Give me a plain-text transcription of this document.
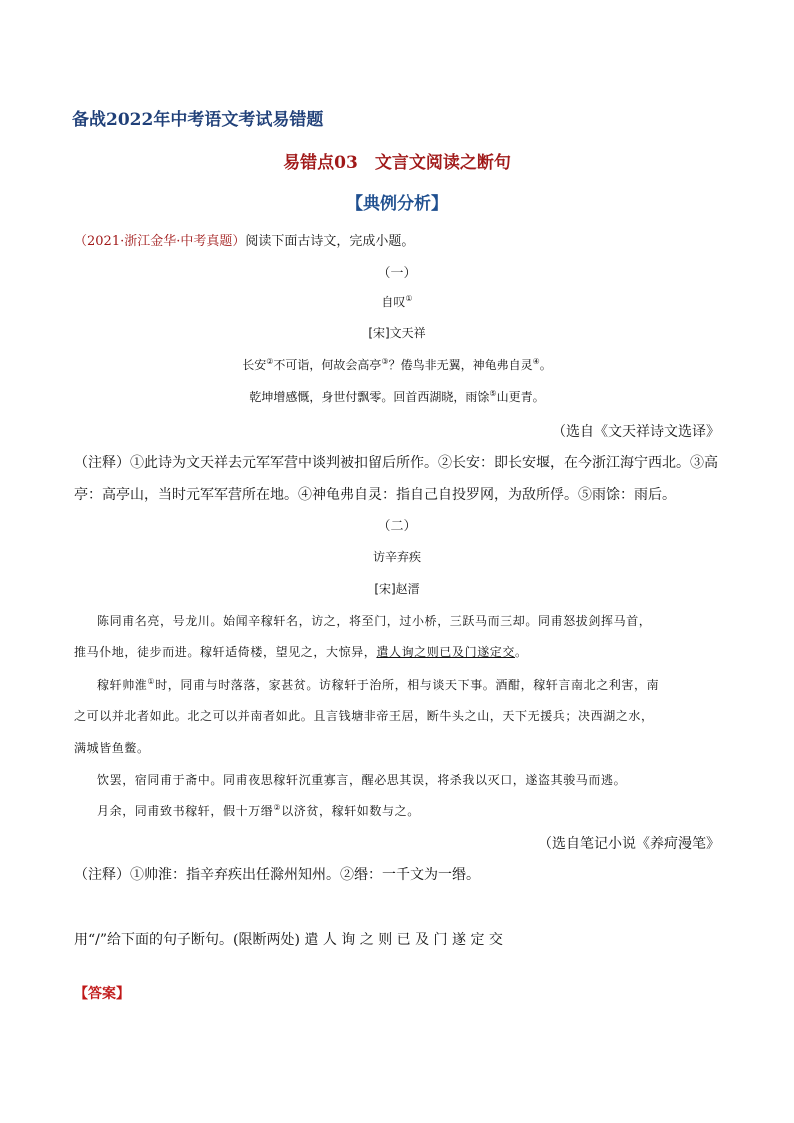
备战2022年中考语文考试易错题
易错点03　文言文阅读之断句
【典例分析】
（2021·浙江金华·中考真题）阅读下面古诗文，完成小题。
（一）
自叹①
[宋]文天祥
长安②不可诣，何故会高亭③？倦鸟非无翼，神龟弗自灵④。
乾坤增感慨，身世付飘零。回首西湖晓，雨馀⑤山更青。
（选自《文天祥诗文选译》
（注释）①此诗为文天祥去元军军营中谈判被扣留后所作。②长安：即长安堰，在今浙江海宁西北。③高
亭：高亭山，当时元军军营所在地。④神龟弗自灵：指自己自投罗网，为敌所俘。⑤雨馀：雨后。
（二）
访辛弃疾
[宋]赵溍
陈同甫名亮，号龙川。始闻辛稼轩名，访之，将至门，过小桥，三跃马而三却。同甫怒拔剑挥马首，
推马仆地，徒步而进。稼轩适倚楼，望见之，大惊异，遣人询之则已及门遂定交。
稼轩帅淮①时，同甫与时落落，家甚贫。访稼轩于治所，相与谈天下事。酒酣，稼轩言南北之利害，南
之可以并北者如此。北之可以并南者如此。且言钱塘非帝王居，断牛头之山，天下无援兵；决西湖之水，
满城皆鱼鳖。
饮罢，宿同甫于斋中。同甫夜思稼轩沉重寡言，醒必思其误，将杀我以灭口，遂盗其骏马而逃。
月余，同甫致书稼轩，假十万缗②以济贫，稼轩如数与之。
（选自笔记小说《养疴漫笔》
（注释）①帅淮：指辛弃疾出任滁州知州。②缗：一千文为一缗。
用“/”给下面的句子断句。(限断两处) 遣 人 询 之 则 已 及 门 遂 定 交
【答案】
